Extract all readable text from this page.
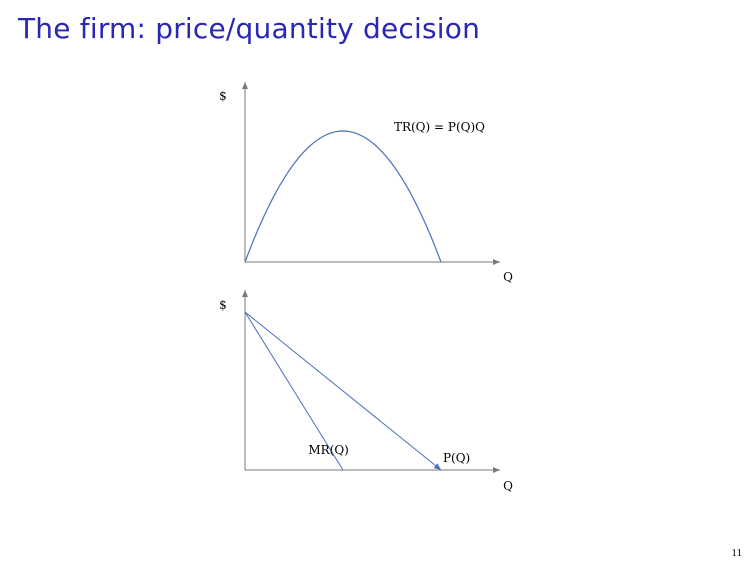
The firm: price/quantity decision
Q
$
TR(Q) = P(Q)Q
Q
$
MR(Q)
P(Q)
11
